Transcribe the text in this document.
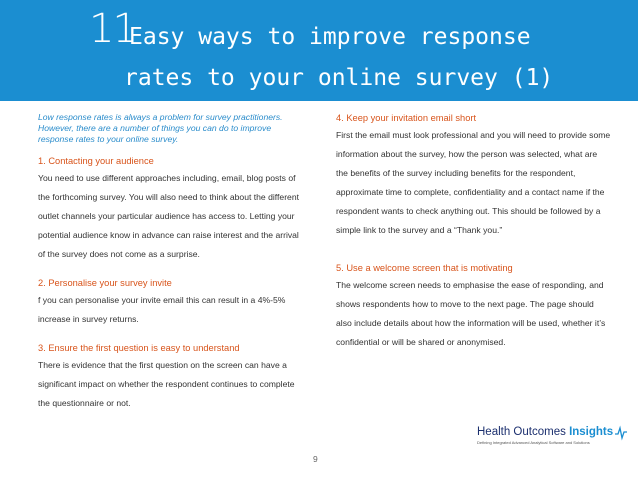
11
Easy ways to improve response
rates to your online survey (1)

Low response rates is always a problem for survey practitioners. However, there are a number of things you can do to improve response rates to your online survey.

1. Contacting your audience

You need to use different approaches including, email, blog posts of the forthcoming survey. You will also need to think about the different outlet channels your particular audience has access to. Letting your potential audience know in advance can raise interest and the arrival of the survey does not come as a surprise.

2. Personalise your survey invite

f you can personalise your invite email this can result in a 4%-5% increase in survey returns.

3. Ensure the first question is easy to understand

There is evidence that the first question on the screen can have a significant impact on whether the respondent continues to complete the questionnaire or not.

4. Keep your invitation email short

First the email must look professional and you will need to provide some information about the survey, how the person was selected, what are the benefits of the survey including benefits for the respondent, approximate time to complete, confidentiality and a contact name if the respondent wants to check anything out. This should be followed by a simple link to the survey and a “Thank you.”

5. Use a welcome screen that is motivating

The welcome screen needs to emphasise the ease of responding, and shows respondents how to move to the next page. The page should also include details about how the information will be used, whether it’s confidential or will be shared or anonymised.

9
Health Outcomes Insights
Defining Integrated Advanced Analytical Software and Solutions
